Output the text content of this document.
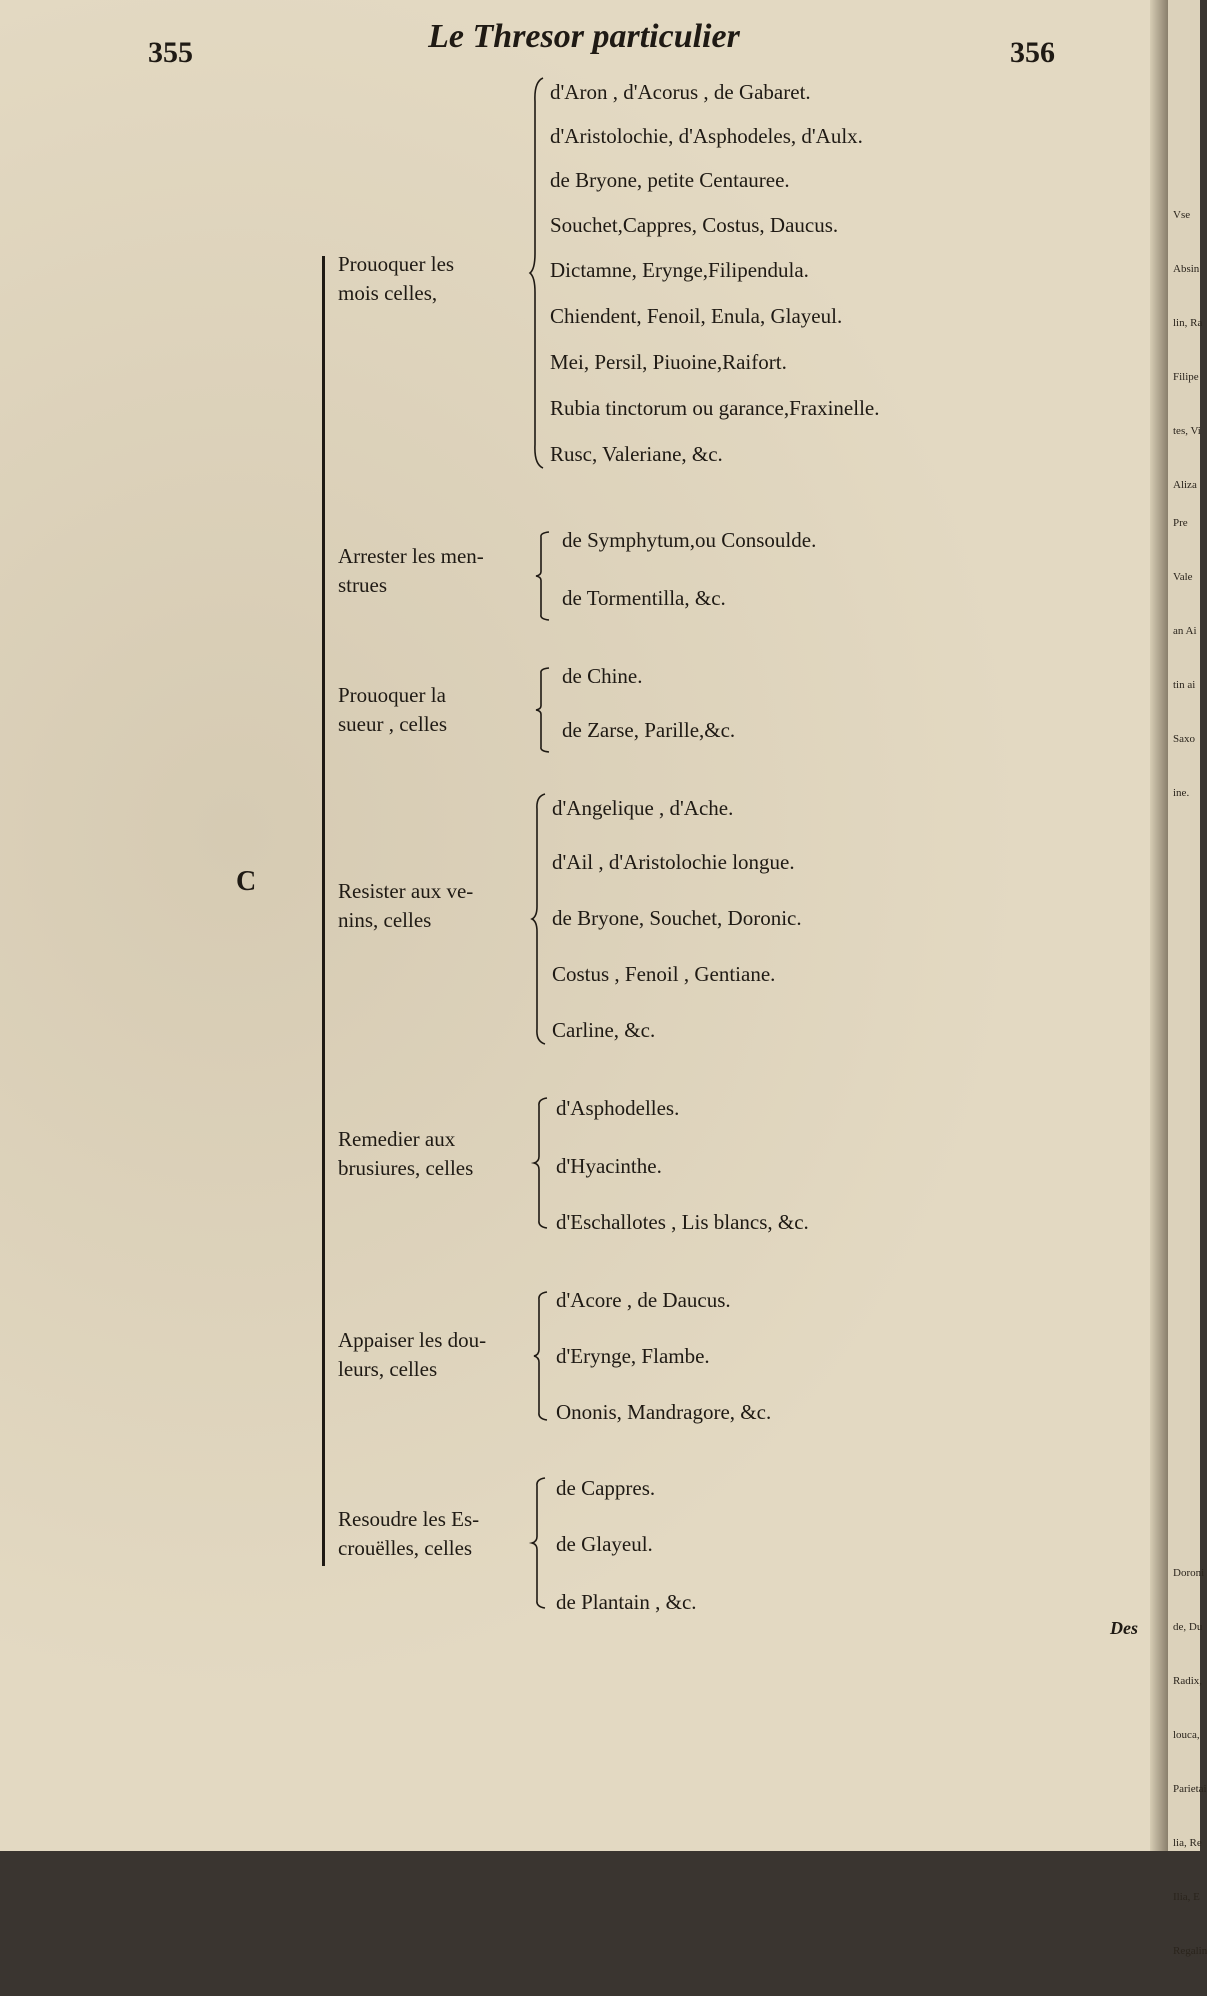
355	Le Thresor particulier	356
C
Prouoquer les
mois celles,
d'Aron , d'Acorus , de Gabaret.
d'Aristolochie, d'Asphodeles, d'Aulx.
de Bryone, petite Centauree.
Souchet,Cappres, Costus, Daucus.
Dictamne, Erynge,Filipendula.
Chiendent, Fenoil, Enula, Glayeul.
Mei, Persil, Piuoine,Raifort.
Rubia tinctorum ou garance,Fraxinelle.
Rusc, Valeriane, &c.
Arrester les men-
strues
de Symphytum,ou Consoulde.
de Tormentilla, &c.
Prouoquer la
sueur , celles
de Chine.
de Zarse, Parille,&c.
Resister aux ve-
nins, celles
d'Angelique , d'Ache.
d'Ail , d'Aristolochie longue.
de Bryone, Souchet, Doronic.
Costus , Fenoil , Gentiane.
Carline, &c.
Remedier aux
brusiures, celles
d'Asphodelles.
d'Hyacinthe.
d'Eschallotes , Lis blancs, &c.
Appaiser les dou-
leurs, celles
d'Acore , de Daucus.
d'Erynge, Flambe.
Ononis, Mandragore, &c.
Resoudre les Es-
crouëlles, celles
de Cappres.
de Glayeul.
de Plantain , &c.
Des

Vse

Absin

lin, Ra

Filipe

tes, Vi

Aliza

Pre

Vale

an Ai

tin ai

Saxo

ine.

Doroni

de, Du

Radix,

louca,

Parietai

lia, Re

Ilia, E

Regalin
